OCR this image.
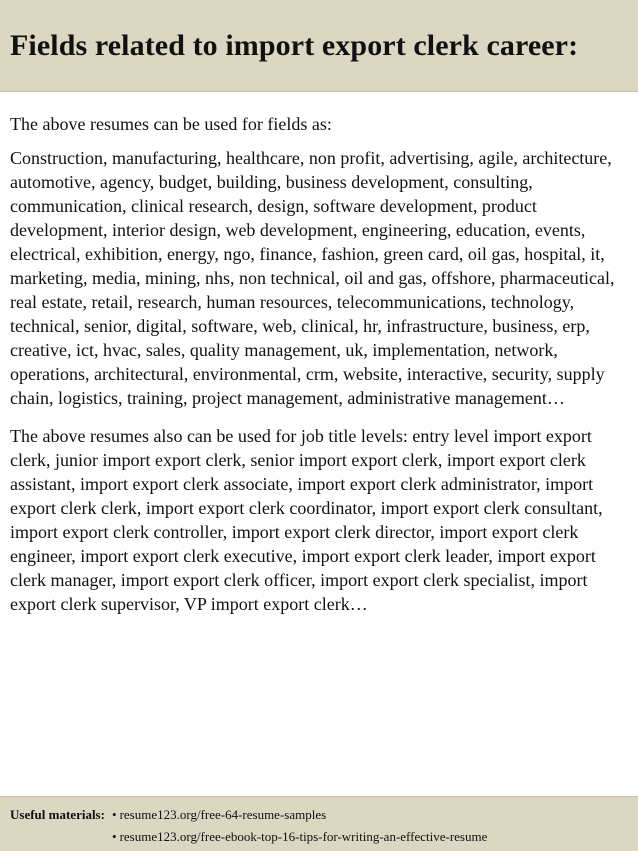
Fields related to import export clerk career:

The above resumes can be used for fields as:

Construction, manufacturing, healthcare, non profit, advertising, agile, architecture, automotive, agency, budget, building, business development, consulting, communication, clinical research, design, software development, product development, interior design, web development, engineering, education, events, electrical, exhibition, energy, ngo, finance, fashion, green card, oil gas, hospital, it, marketing, media, mining, nhs, non technical, oil and gas, offshore, pharmaceutical, real estate, retail, research, human resources, telecommunications, technology, technical, senior, digital, software, web, clinical, hr, infrastructure, business, erp, creative, ict, hvac, sales, quality management, uk, implementation, network, operations, architectural, environmental, crm, website, interactive, security, supply chain, logistics, training, project management, administrative management…

The above resumes also can be used for job title levels: entry level import export clerk, junior import export clerk, senior import export clerk, import export clerk assistant, import export clerk associate, import export clerk administrator, import export clerk clerk, import export clerk coordinator, import export clerk consultant, import export clerk controller, import export clerk director, import export clerk engineer, import export clerk executive, import export clerk leader, import export clerk manager, import export clerk officer, import export clerk specialist, import export clerk supervisor, VP import export clerk…

Useful materials: • resume123.org/free-64-resume-samples
• resume123.org/free-ebook-top-16-tips-for-writing-an-effective-resume
